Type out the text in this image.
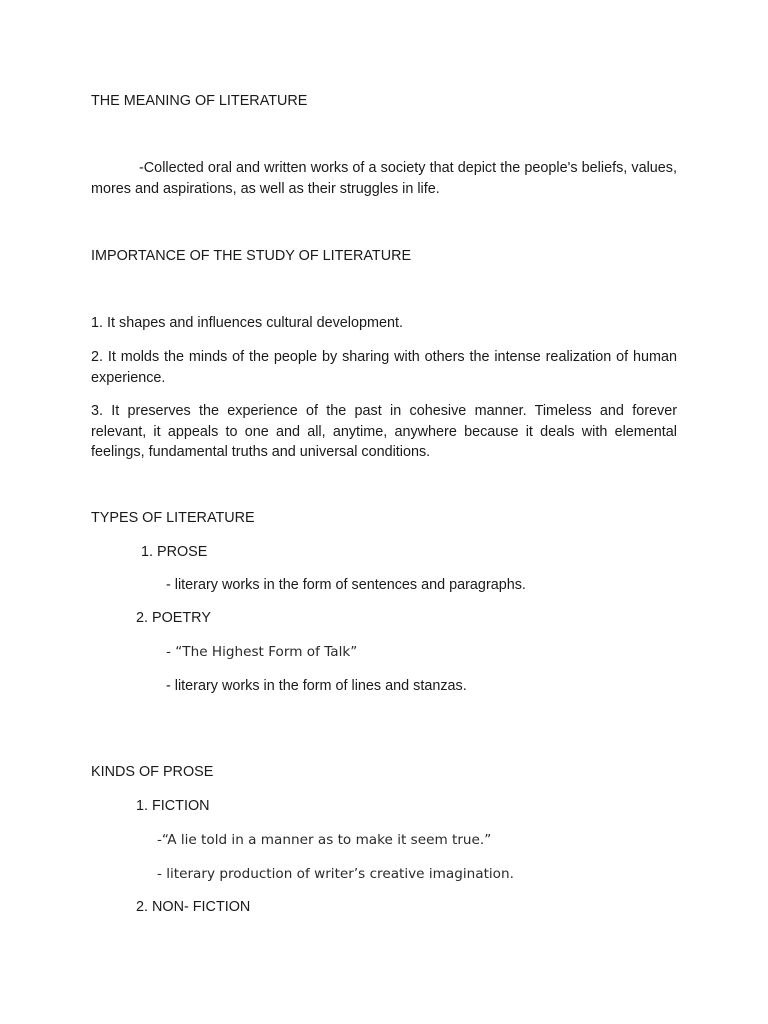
THE MEANING OF LITERATURE

-Collected oral and written works of a society that depict the people's beliefs, values, mores and aspirations, as well as their struggles in life.

IMPORTANCE OF THE STUDY OF LITERATURE

1. It shapes and influences cultural development.

2. It molds the minds of the people by sharing with others the intense realization of human experience.

3. It preserves the experience of the past in cohesive manner. Timeless and forever relevant, it appeals to one and all, anytime, anywhere because it deals with elemental feelings, fundamental truths and universal conditions.

TYPES OF LITERATURE

1. PROSE

- literary works in the form of sentences and paragraphs.

2. POETRY

- “The Highest Form of Talk”

- literary works in the form of lines and stanzas.

KINDS OF PROSE

1. FICTION

-“A lie told in a manner as to make it seem true.”

- literary production of writer’s creative imagination.

2. NON- FICTION
